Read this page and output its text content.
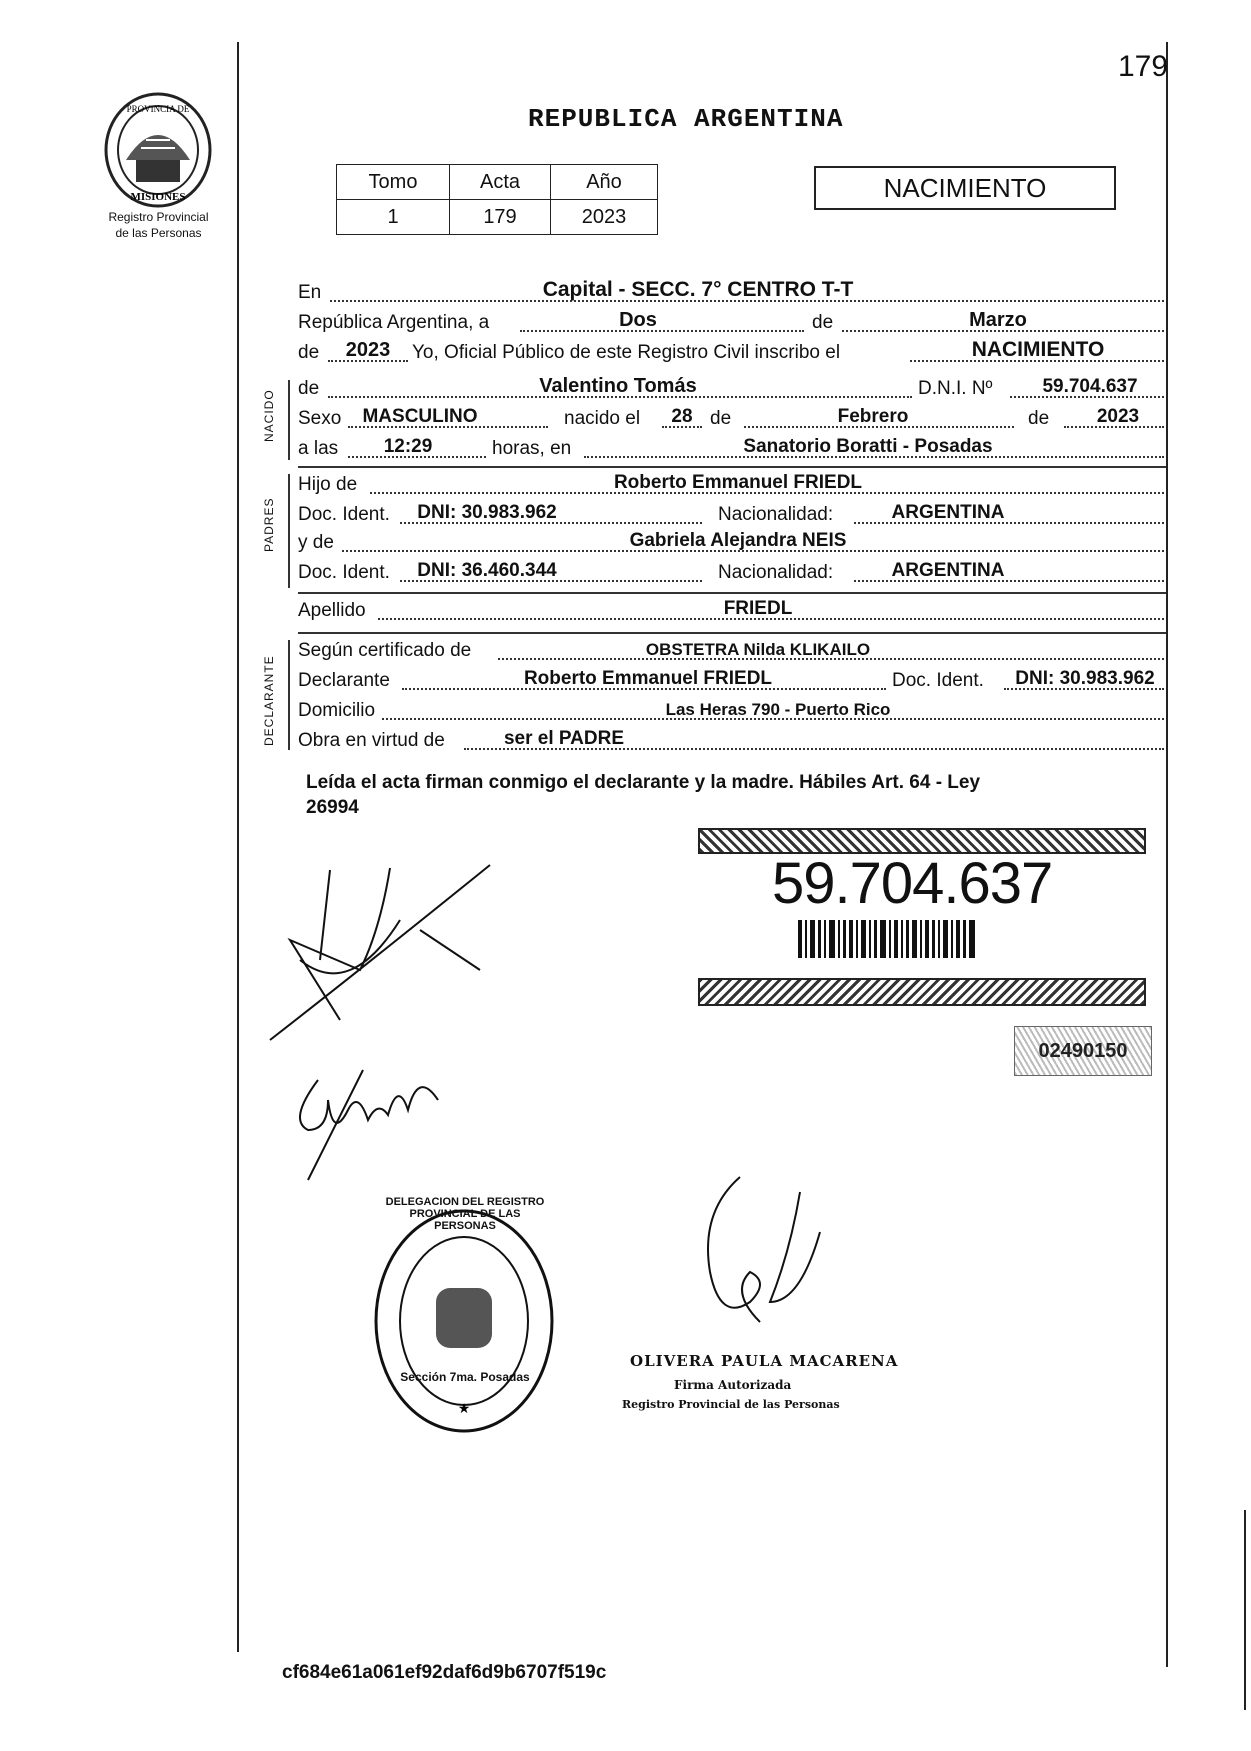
179
PROVINCIA DE
MISIONES
Registro Provincial
de las Personas
REPUBLICA ARGENTINA
Tomo	Acta	Año
1	179	2023
NACIMIENTO
NACIDO
PADRES
DECLARANTE
En	Capital - SECC. 7° CENTRO T-T
República Argentina, a	Dos	de	Marzo
de	2023	Yo, Oficial Público de este Registro Civil inscribo el	NACIMIENTO
de	Valentino Tomás	D.N.I. Nº	59.704.637
Sexo	MASCULINO	nacido el	28 de	Febrero	de	2023
a las	12:29	horas, en	Sanatorio Boratti - Posadas
Hijo de	Roberto Emmanuel FRIEDL
Doc. Ident.	DNI: 30.983.962	Nacionalidad:	ARGENTINA
y de	Gabriela Alejandra NEIS
Doc. Ident.	DNI: 36.460.344	Nacionalidad:	ARGENTINA
Apellido	FRIEDL
Según certificado de	OBSTETRA Nilda KLIKAILO
Declarante	Roberto Emmanuel FRIEDL	Doc. Ident.	DNI: 30.983.962
Domicilio	Las Heras 790 - Puerto Rico
Obra en virtud de	ser el PADRE
Leída el acta firman conmigo el declarante y la madre. Hábiles Art. 64 - Ley
26994
59.704.637
02490150
★
DELEGACION DEL REGISTRO PROVINCIAL DE LAS PERSONAS
Sección 7ma. Posadas
OLIVERA PAULA MACARENA
Firma Autorizada
Registro Provincial de las Personas
cf684e61a061ef92daf6d9b6707f519c
